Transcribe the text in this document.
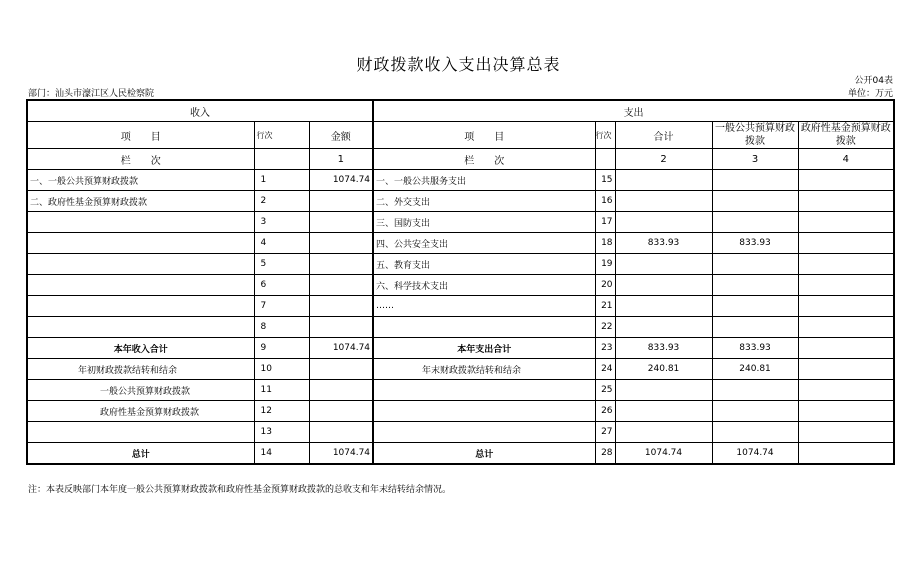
财政拨款收入支出决算总表
公开04表
部门：汕头市濠江区人民检察院	单位：万元
收入			支出				
项　　目	行次	金额	项　　目	行次	合计	一般公共预算财政拨款	政府性基金预算财政拨款
栏　　次		1	栏　　次		2	3	4
一、一般公共预算财政拨款	1	1074.74	一、一般公共服务支出	15			
二、政府性基金预算财政拨款	2		二、外交支出	16			
	3		三、国防支出	17			
	4		四、公共安全支出	18	833.93	833.93	
	5		五、教育支出	19			
	6		六、科学技术支出	20			
	7		……	21			
	8			22			
本年收入合计	9	1074.74	本年支出合计	23	833.93	833.93	
年初财政拨款结转和结余	10		年末财政拨款结转和结余	24	240.81	240.81	
一般公共预算财政拨款	11			25			
政府性基金预算财政拨款	12			26			
	13			27			
总计	14	1074.74	总计	28	1074.74	1074.74	
注：本表反映部门本年度一般公共预算财政拨款和政府性基金预算财政拨款的总收支和年末结转结余情况。
